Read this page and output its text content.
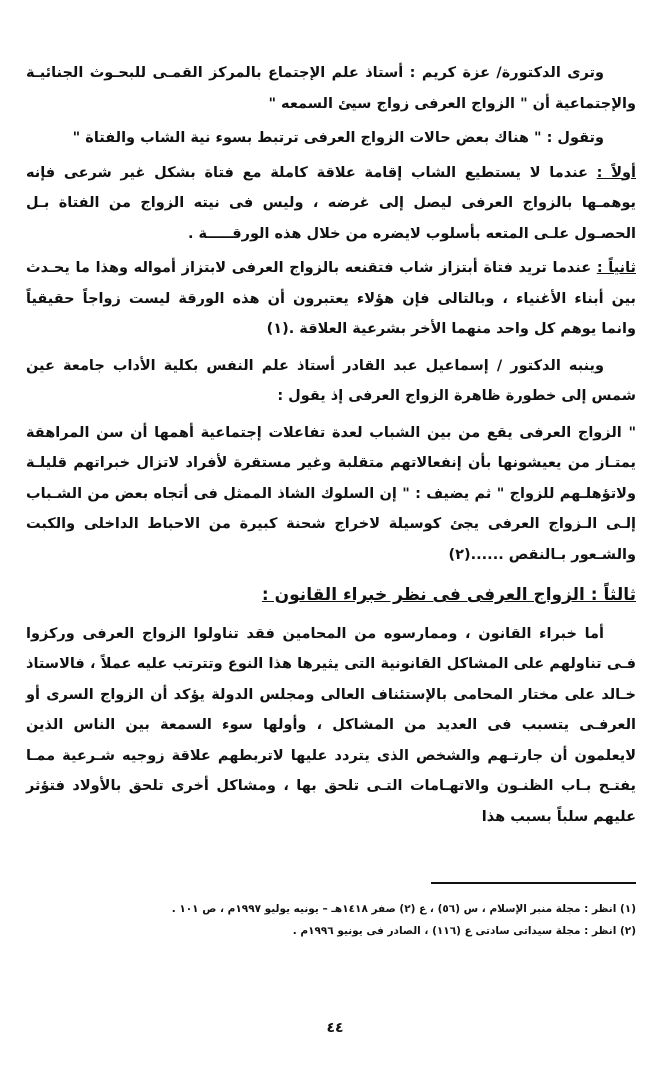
وترى الدكتورة/ عزة كريم : أستاذ علم الإجتماع بالمركز القمـى للبحـوث الجنائيـة والإجتماعية أن " الزواج العرفى زواج سيئ السمعه "

وتقول : " هناك بعض حالات الزواج العرفى ترتبط بسوء نية الشاب والفتاة "

أولاً : عندما لا يستطيع الشاب إقامة علاقة كاملة مع فتاة بشكل غير شرعى فإنه يوهمـها بالزواج العرفى ليصل إلى غرضه ، وليس فى نيته الزواج من الفتاة بـل الحصـول علـى المتعه بأسلوب لايضره من خلال هذه الورقـــــة .

ثانياً : عندما تريد فتاة أبتزاز شاب فتقنعه بالزواج العرفى لابتزاز أمواله وهذا ما يحـدث بين أبناء الأغنياء ، وبالتالى فإن هؤلاء يعتبرون أن هذه الورقة ليست زواجاً حقيقياً وانما يوهم كل واحد منهما الأخر بشرعية العلاقة .(١)

وينبه الدكتور / إسماعيل عبد القادر أستاذ علم النفس بكلية الأداب جامعة عين شمس إلى خطورة ظاهرة الزواج العرفى إذ يقول :

" الزواج العرفى يقع من بين الشباب لعدة تفاعلات إجتماعية أهمها أن سن المراهقة يمتـاز من يعيشونها بأن إنفعالاتهم متقلبة وغير مستقرة لأفراد لاتزال خبراتهم قليلـة ولاتؤهلـهم للزواج " ثم يضيف : " إن السلوك الشاذ الممثل فى أتجاه بعض من الشـباب إلـى الـزواج العرفى يجئ كوسيلة لاخراج شحنة كبيرة من الاحباط الداخلى والكبت والشـعور بـالنقص ......(٢)

ثالثاً : الزواج العرفى فى نظر خبراء القانون :

أما خبراء القانون ، وممارسوه من المحامين فقد تناولوا الزواج العرفى وركزوا فـى تناولهم على المشاكل القانونية التى يثيرها هذا النوع وتترتب عليه عملاً ، فالاستاذ خـالد على مختار المحامى بالإستئناف العالى ومجلس الدولة يؤكد أن الزواج السرى أو العرفـى يتسبب فى العديد من المشاكل ، وأولها سوء السمعة بين الناس الذين لايعلمون أن جارتـهم والشخص الذى يتردد عليها لاتربطهم علاقة زوجيه شـرعية ممـا يفتـح بـاب الظنـون والاتهـامات التـى تلحق بها ، ومشاكل أخرى تلحق بالأولاد فتؤثر عليهم سلباً بسبب هذا

(١) انظر : مجلة منبر الإسلام ، س (٥٦) ، ع (٢) صفر ١٤١٨هـ – يونيه يوليو ١٩٩٧م ، ص ١٠١ .

(٢) انظر : مجلة سيداتى سادتى ع (١١٦) ، الصادر فى يونيو ١٩٩٦م .

٤٤
